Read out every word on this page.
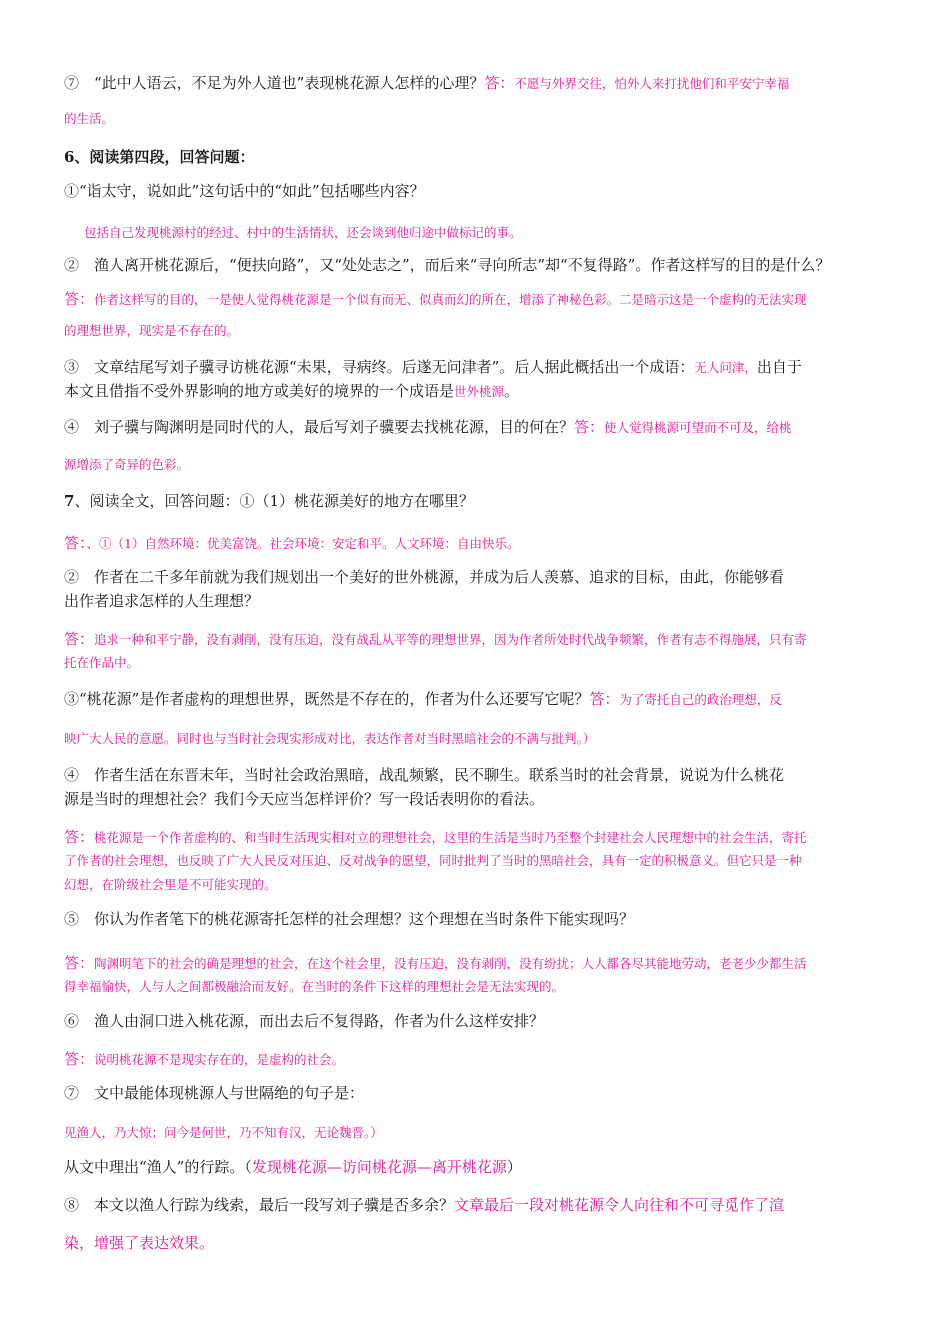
⑦　“此中人语云，不足为外人道也”表现桃花源人怎样的心理？答：不愿与外界交往，怕外人来打扰他们和平安宁幸福
的生活。
6、阅读第四段，回答问题：
①“诣太守，说如此”这句话中的“如此”包括哪些内容？
包括自己发现桃源村的经过、村中的生活情状，还会谈到他归途中做标记的事。
②　渔人离开桃花源后，“便扶向路”，又“处处志之”，而后来“寻向所志”却“不复得路”。作者这样写的目的是什么？
答：作者这样写的目的，一是使人觉得桃花源是一个似有而无、似真而幻的所在，增添了神秘色彩。二是暗示这是一个虚构的无法实现
的理想世界，现实是不存在的。
③　文章结尾写刘子骥寻访桃花源“未果，寻病终。后遂无问津者”。后人据此概括出一个成语：无人问津，出自于
本文且借指不受外界影响的地方或美好的境界的一个成语是世外桃源。
④　刘子骥与陶渊明是同时代的人，最后写刘子骥要去找桃花源，目的何在？答：使人觉得桃源可望而不可及，给桃
源增添了奇异的色彩。
7、阅读全文，回答问题：①（1）桃花源美好的地方在哪里？
答：、①（1）自然环境：优美富饶。社会环境：安定和平。人文环境：自由快乐。
②　作者在二千多年前就为我们规划出一个美好的世外桃源，并成为后人羡慕、追求的目标，由此，你能够看
出作者追求怎样的人生理想？
答：追求一种和平宁静，没有剥削，没有压迫，没有战乱从平等的理想世界，因为作者所处时代战争频繁，作者有志不得施展，只有寄
托在作品中。
③“桃花源”是作者虚构的理想世界，既然是不存在的，作者为什么还要写它呢？答：为了寄托自己的政治理想，反
映广大人民的意愿。同时也与当时社会现实形成对比，表达作者对当时黑暗社会的不满与批判。）
④　作者生活在东晋末年，当时社会政治黑暗，战乱频繁，民不聊生。联系当时的社会背景，说说为什么桃花
源是当时的理想社会？我们今天应当怎样评价？写一段话表明你的看法。
答：桃花源是一个作者虚构的、和当时生活现实相对立的理想社会，这里的生活是当时乃至整个封建社会人民理想中的社会生活，寄托
了作者的社会理想，也反映了广大人民反对压迫、反对战争的愿望，同时批判了当时的黑暗社会，具有一定的积极意义。但它只是一种
幻想，在阶级社会里是不可能实现的。
⑤　你认为作者笔下的桃花源寄托怎样的社会理想？这个理想在当时条件下能实现吗？
答：陶渊明笔下的社会的确是理想的社会，在这个社会里，没有压迫，没有剥削，没有纷扰；人人都各尽其能地劳动，老老少少都生活
得幸福愉快，人与人之间都极融洽而友好。在当时的条件下这样的理想社会是无法实现的。
⑥　渔人由洞口进入桃花源，而出去后不复得路，作者为什么这样安排？
答：说明桃花源不是现实存在的，是虚构的社会。
⑦　文中最能体现桃源人与世隔绝的句子是：
见渔人，乃大惊；问今是何世，乃不知有汉，无论魏晋。）
从文中理出“渔人”的行踪。（发现桃花源—访问桃花源—离开桃花源）
⑧　本文以渔人行踪为线索，最后一段写刘子骥是否多余？文章最后一段对桃花源令人向往和不可寻觅作了渲
染，增强了表达效果。
